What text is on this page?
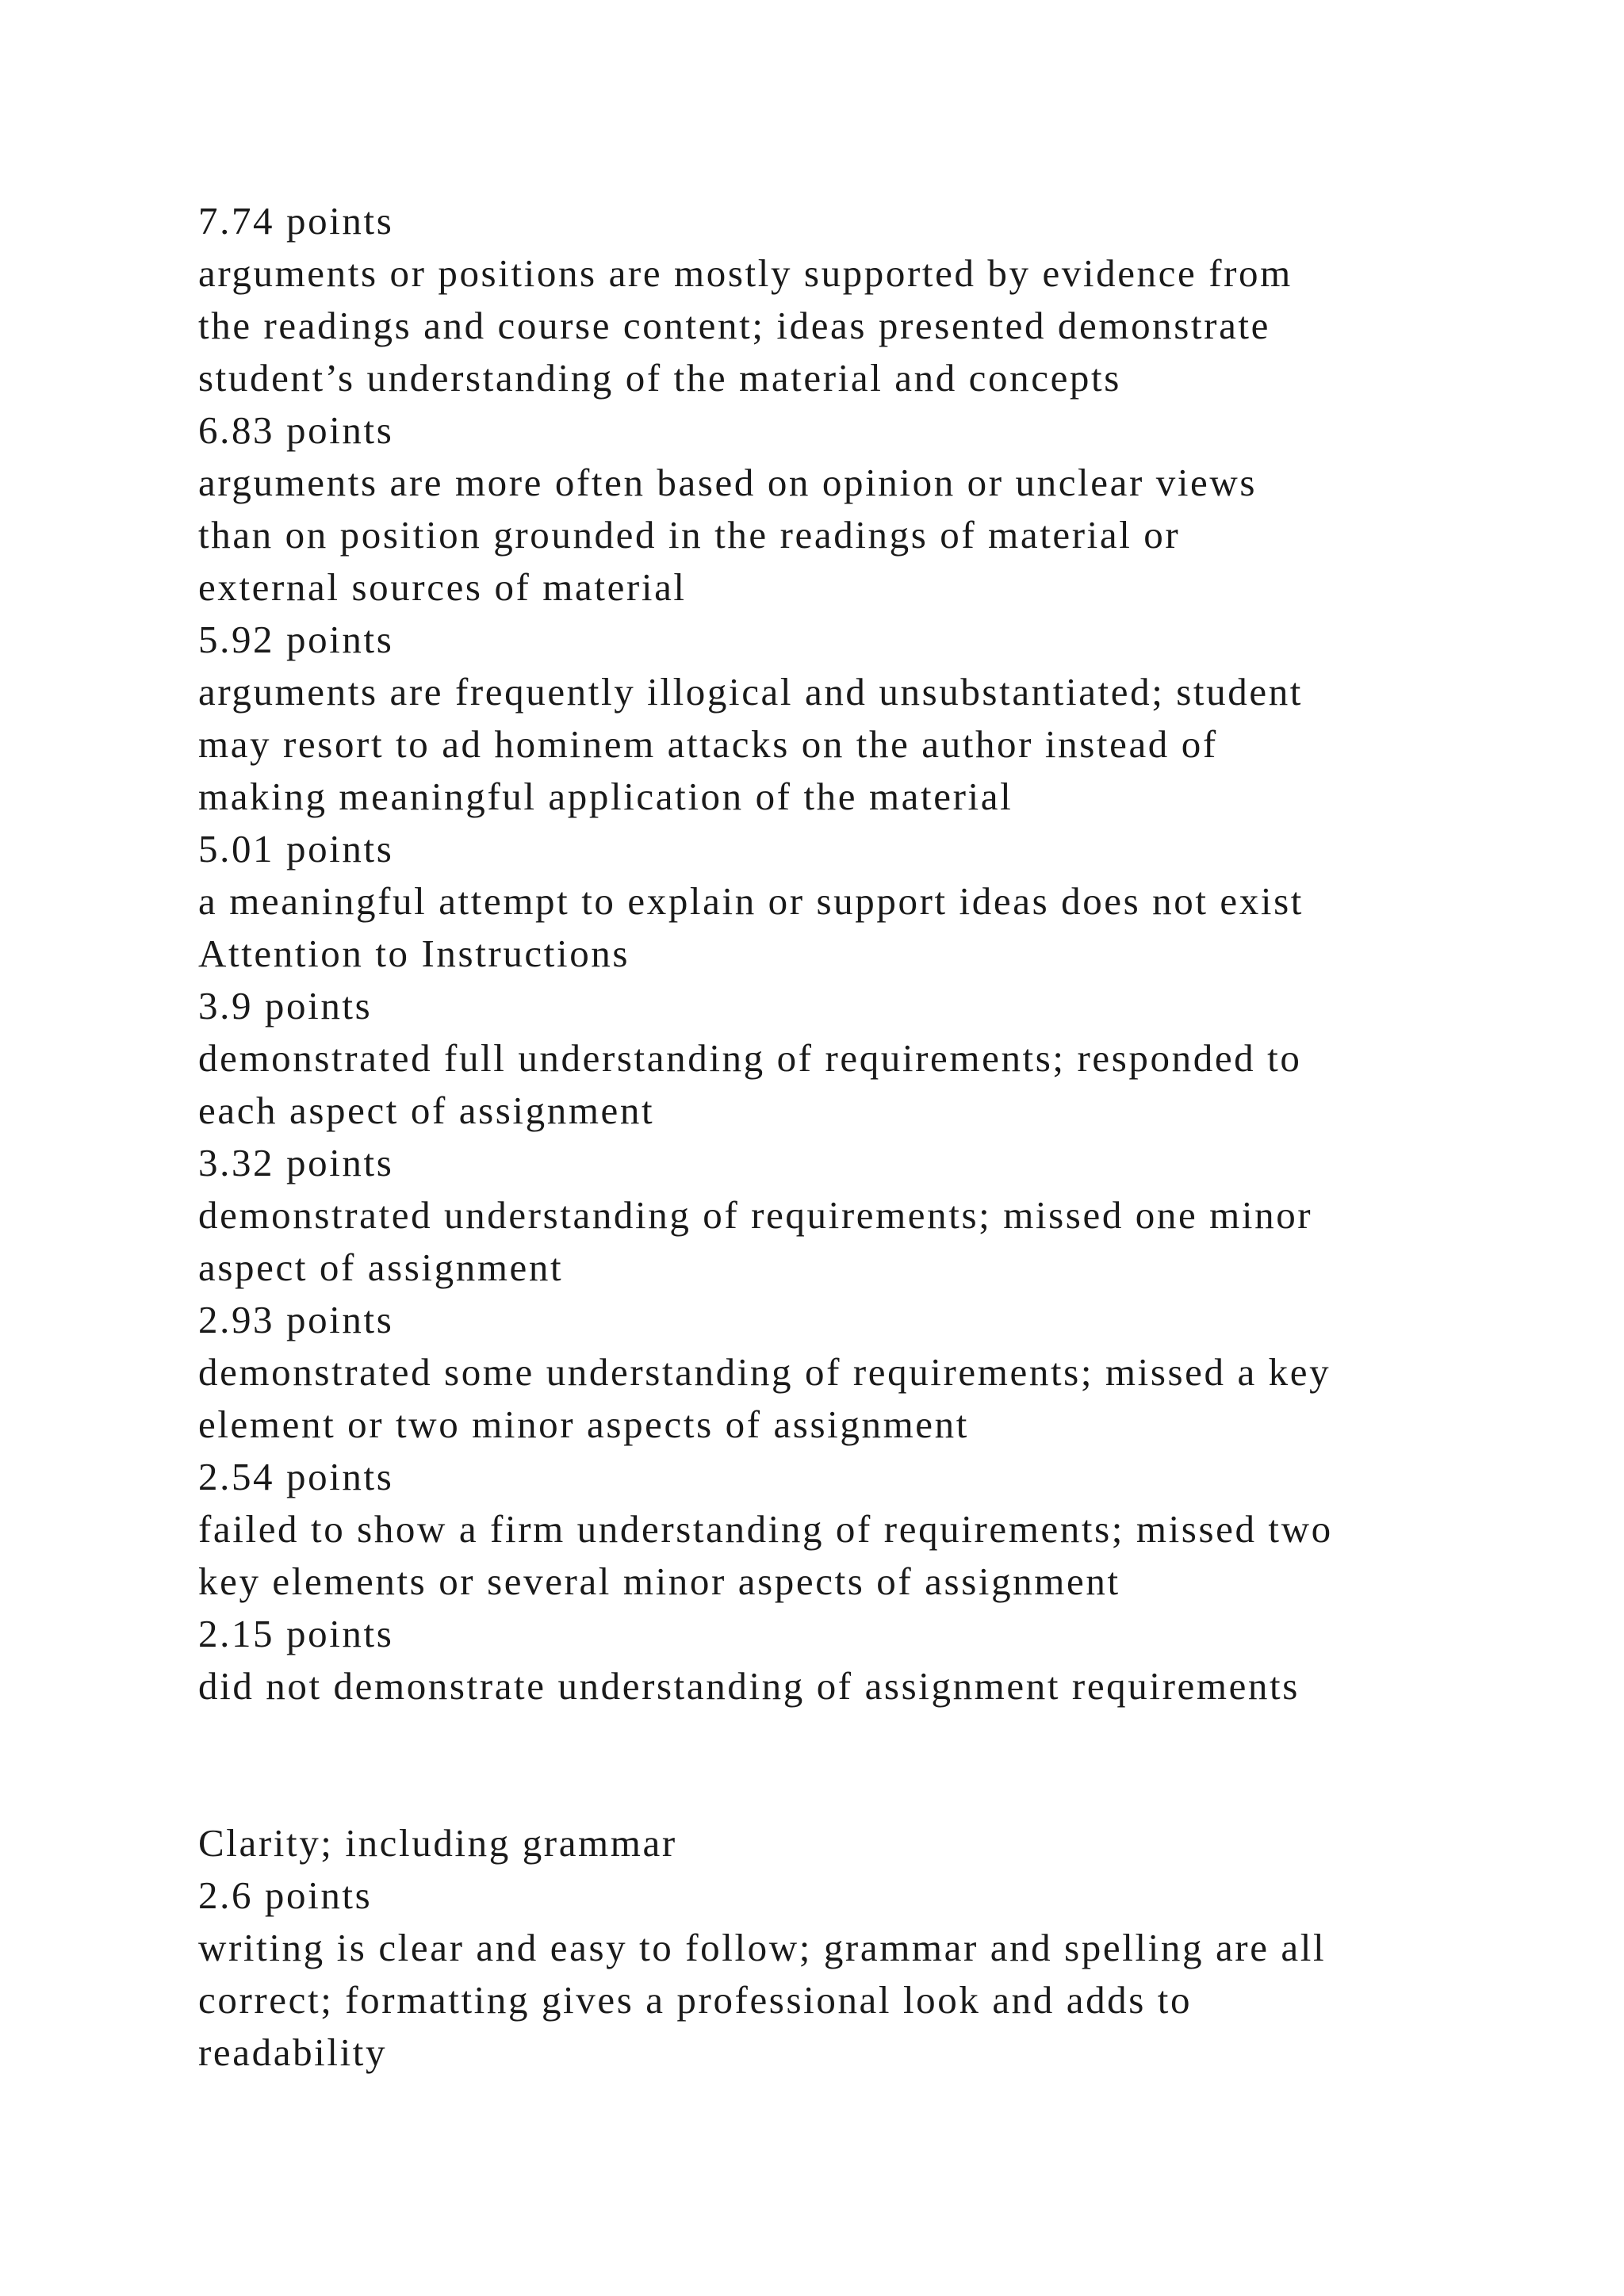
7.74 points
arguments or positions are mostly supported by evidence from
the readings and course content; ideas presented demonstrate
student’s understanding of the material and concepts
6.83 points
arguments are more often based on opinion or unclear views
than on position grounded in the readings of material or
external sources of material
5.92 points
arguments are frequently illogical and unsubstantiated; student
may resort to ad hominem attacks on the author instead of
making meaningful application of the material
5.01 points
a meaningful attempt to explain or support ideas does not exist
Attention to Instructions
3.9 points
demonstrated full understanding of requirements; responded to
each aspect of assignment
3.32 points
demonstrated understanding of requirements; missed one minor
aspect of assignment
2.93 points
demonstrated some understanding of requirements; missed a key
element or two minor aspects of assignment
2.54 points
failed to show a firm understanding of requirements; missed two
key elements or several minor aspects of assignment
2.15 points
did not demonstrate understanding of assignment requirements
Clarity; including grammar
2.6 points
writing is clear and easy to follow; grammar and spelling are all
correct; formatting gives a professional look and adds to
readability
